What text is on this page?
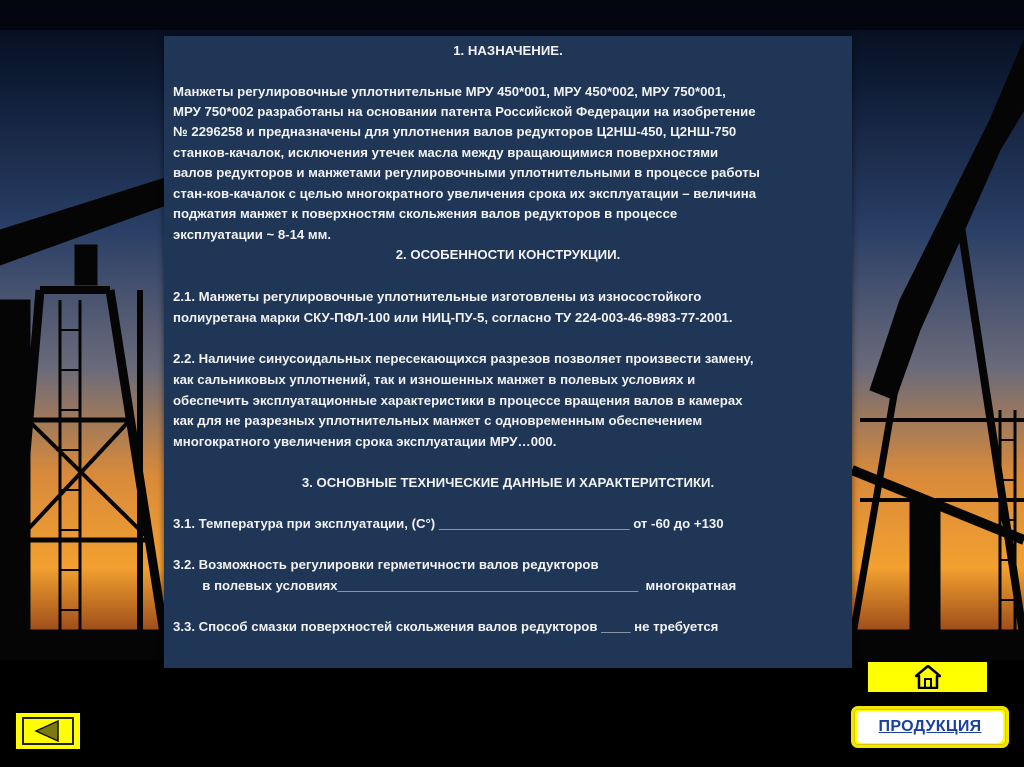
1. НАЗНАЧЕНИЕ.
Манжеты регулировочные уплотнительные МРУ 450*001, МРУ 450*002, МРУ 750*001,
МРУ 750*002 разработаны на основании патента Российской Федерации на изобретение
№ 2296258 и предназначены для уплотнения валов редукторов Ц2НШ-450, Ц2НШ-750
станков-качалок, исключения утечек масла между вращающимися поверхностями
валов редукторов и манжетами регулировочными уплотнительными в процессе работы
стан-ков-качалок с целью многократного увеличения срока их эксплуатации – величина
поджатия манжет к поверхностям скольжения валов редукторов в процессе
эксплуатации ~ 8-14 мм.
2. ОСОБЕННОСТИ КОНСТРУКЦИИ.
2.1. Манжеты регулировочные уплотнительные изготовлены из износостойкого
полиуретана марки СКУ-ПФЛ-100 или НИЦ-ПУ-5, согласно ТУ 224-003-46-8983-77-2001.
2.2. Наличие синусоидальных пересекающихся разрезов позволяет произвести замену,
как сальниковых уплотнений, так и изношенных манжет в полевых условиях и
обеспечить эксплуатационные характеристики в процессе вращения валов в камерах
как для не разрезных уплотнительных манжет с одновременным обеспечением
многократного увеличения срока эксплуатации МРУ…000.
3. ОСНОВНЫЕ ТЕХНИЧЕСКИЕ ДАННЫЕ И ХАРАКТЕРИТСТИКИ.
3.1. Температура при эксплуатации, (С°) __________________________ от -60 до +130
3.2. Возможность регулировки герметичности валов редукторов
в полевых условиях_________________________________________  многократная
3.3. Способ смазки поверхностей скольжения валов редукторов ____ не требуется
ПРОДУКЦИЯ
